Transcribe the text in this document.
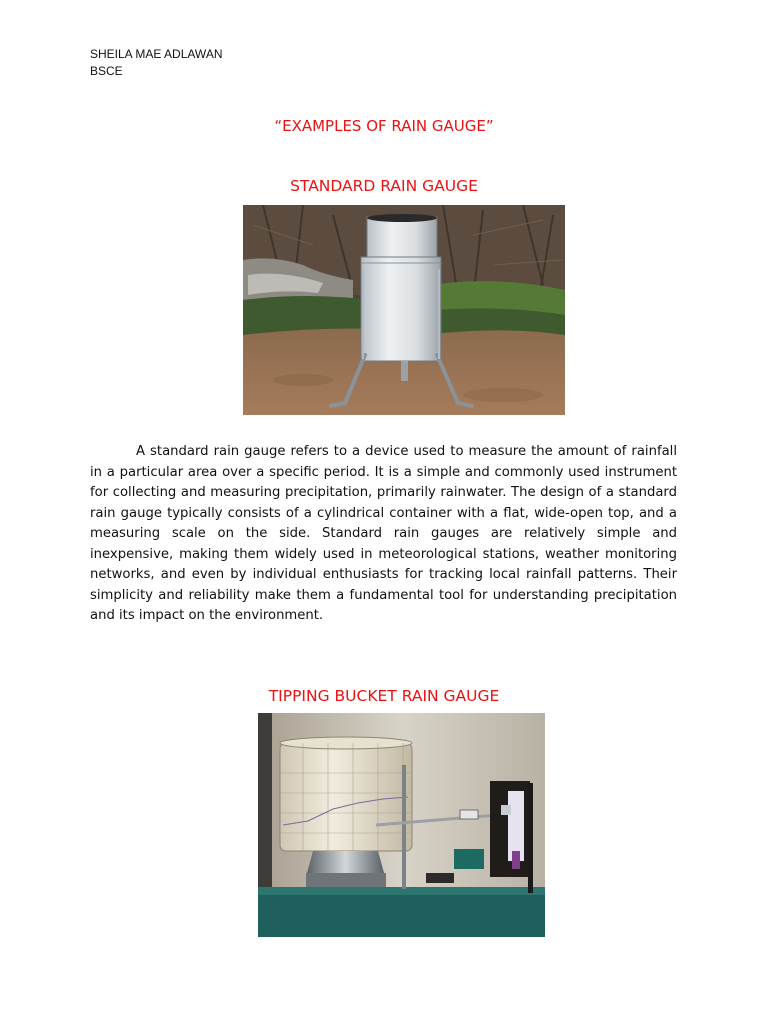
SHEILA MAE ADLAWAN
BSCE
“EXAMPLES OF RAIN GAUGE”
STANDARD RAIN GAUGE

A standard rain gauge refers to a device used to measure the amount of rainfall in a particular area over a specific period. It is a simple and commonly used instrument for collecting and measuring precipitation, primarily rainwater. The design of a standard rain gauge typically consists of a cylindrical container with a flat, wide-open top, and a measuring scale on the side. Standard rain gauges are relatively simple and inexpensive, making them widely used in meteorological stations, weather monitoring networks, and even by individual enthusiasts for tracking local rainfall patterns. Their simplicity and reliability make them a fundamental tool for understanding precipitation and its impact on the environment.

TIPPING BUCKET RAIN GAUGE
